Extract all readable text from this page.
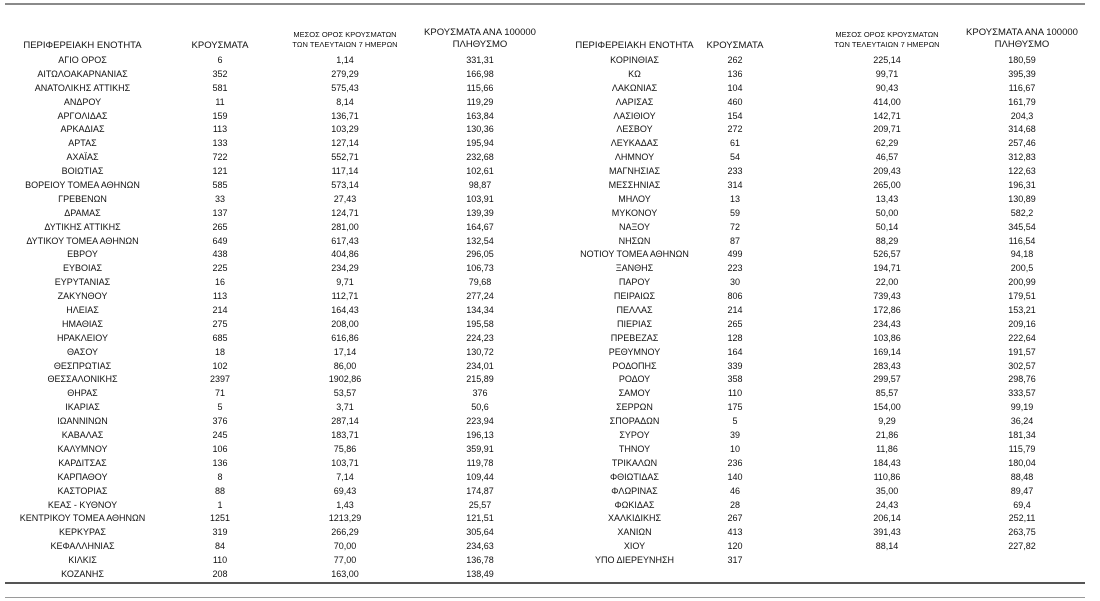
ΠΕΡΙΦΕΡΕΙΑΚΗ ΕΝΟΤΗΤΑ	ΚΡΟΥΣΜΑΤΑ
ΜΕΣΟΣ ΟΡΟΣ ΚΡΟΥΣΜΑΤΩΝ
ΤΩΝ ΤΕΛΕΥΤΑΙΩΝ 7 ΗΜΕΡΩΝ
ΚΡΟΥΣΜΑΤΑ ΑΝΑ 100000
ΠΛΗΘΥΣΜΟ
ΑΓΙΟ ΟΡΟΣ	6	1,14	331,31
ΑΙΤΩΛΟΑΚΑΡΝΑΝΙΑΣ	352	279,29	166,98
ΑΝΑΤΟΛΙΚΗΣ ΑΤΤΙΚΗΣ	581	575,43	115,66
ΑΝΔΡΟΥ	11	8,14	119,29
ΑΡΓΟΛΙΔΑΣ	159	136,71	163,84
ΑΡΚΑΔΙΑΣ	113	103,29	130,36
ΑΡΤΑΣ	133	127,14	195,94
ΑΧΑΪΑΣ	722	552,71	232,68
ΒΟΙΩΤΙΑΣ	121	117,14	102,61
ΒΟΡΕΙΟΥ ΤΟΜΕΑ ΑΘΗΝΩΝ	585	573,14	98,87
ΓΡΕΒΕΝΩΝ	33	27,43	103,91
ΔΡΑΜΑΣ	137	124,71	139,39
ΔΥΤΙΚΗΣ ΑΤΤΙΚΗΣ	265	281,00	164,67
ΔΥΤΙΚΟΥ ΤΟΜΕΑ ΑΘΗΝΩΝ	649	617,43	132,54
ΕΒΡΟΥ	438	404,86	296,05
ΕΥΒΟΙΑΣ	225	234,29	106,73
ΕΥΡΥΤΑΝΙΑΣ	16	9,71	79,68
ΖΑΚΥΝΘΟΥ	113	112,71	277,24
ΗΛΕΙΑΣ	214	164,43	134,34
ΗΜΑΘΙΑΣ	275	208,00	195,58
ΗΡΑΚΛΕΙΟΥ	685	616,86	224,23
ΘΑΣΟΥ	18	17,14	130,72
ΘΕΣΠΡΩΤΙΑΣ	102	86,00	234,01
ΘΕΣΣΑΛΟΝΙΚΗΣ	2397	1902,86	215,89
ΘΗΡΑΣ	71	53,57	376
ΙΚΑΡΙΑΣ	5	3,71	50,6
ΙΩΑΝΝΙΝΩΝ	376	287,14	223,94
ΚΑΒΑΛΑΣ	245	183,71	196,13
ΚΑΛΥΜΝΟΥ	106	75,86	359,91
ΚΑΡΔΙΤΣΑΣ	136	103,71	119,78
ΚΑΡΠΑΘΟΥ	8	7,14	109,44
ΚΑΣΤΟΡΙΑΣ	88	69,43	174,87
ΚΕΑΣ - ΚΥΘΝΟΥ	1	1,43	25,57
ΚΕΝΤΡΙΚΟΥ ΤΟΜΕΑ ΑΘΗΝΩΝ	1251	1213,29	121,51
ΚΕΡΚΥΡΑΣ	319	266,29	305,64
ΚΕΦΑΛΛΗΝΙΑΣ	84	70,00	234,63
ΚΙΛΚΙΣ	110	77,00	136,78
ΚΟΖΑΝΗΣ	208	163,00	138,49
ΠΕΡΙΦΕΡΕΙΑΚΗ ΕΝΟΤΗΤΑ	ΚΡΟΥΣΜΑΤΑ
ΜΕΣΟΣ ΟΡΟΣ ΚΡΟΥΣΜΑΤΩΝ
ΤΩΝ ΤΕΛΕΥΤΑΙΩΝ 7 ΗΜΕΡΩΝ
ΚΡΟΥΣΜΑΤΑ ΑΝΑ 100000
ΠΛΗΘΥΣΜΟ
ΚΟΡΙΝΘΙΑΣ	262	225,14	180,59
ΚΩ	136	99,71	395,39
ΛΑΚΩΝΙΑΣ	104	90,43	116,67
ΛΑΡΙΣΑΣ	460	414,00	161,79
ΛΑΣΙΘΙΟΥ	154	142,71	204,3
ΛΕΣΒΟΥ	272	209,71	314,68
ΛΕΥΚΑΔΑΣ	61	62,29	257,46
ΛΗΜΝΟΥ	54	46,57	312,83
ΜΑΓΝΗΣΙΑΣ	233	209,43	122,63
ΜΕΣΣΗΝΙΑΣ	314	265,00	196,31
ΜΗΛΟΥ	13	13,43	130,89
ΜΥΚΟΝΟΥ	59	50,00	582,2
ΝΑΞΟΥ	72	50,14	345,54
ΝΗΣΩΝ	87	88,29	116,54
ΝΟΤΙΟΥ ΤΟΜΕΑ ΑΘΗΝΩΝ	499	526,57	94,18
ΞΑΝΘΗΣ	223	194,71	200,5
ΠΑΡΟΥ	30	22,00	200,99
ΠΕΙΡΑΙΩΣ	806	739,43	179,51
ΠΕΛΛΑΣ	214	172,86	153,21
ΠΙΕΡΙΑΣ	265	234,43	209,16
ΠΡΕΒΕΖΑΣ	128	103,86	222,64
ΡΕΘΥΜΝΟΥ	164	169,14	191,57
ΡΟΔΟΠΗΣ	339	283,43	302,57
ΡΟΔΟΥ	358	299,57	298,76
ΣΑΜΟΥ	110	85,57	333,57
ΣΕΡΡΩΝ	175	154,00	99,19
ΣΠΟΡΑΔΩΝ	5	9,29	36,24
ΣΥΡΟΥ	39	21,86	181,34
ΤΗΝΟΥ	10	11,86	115,79
ΤΡΙΚΑΛΩΝ	236	184,43	180,04
ΦΘΙΩΤΙΔΑΣ	140	110,86	88,48
ΦΛΩΡΙΝΑΣ	46	35,00	89,47
ΦΩΚΙΔΑΣ	28	24,43	69,4
ΧΑΛΚΙΔΙΚΗΣ	267	206,14	252,11
ΧΑΝΙΩΝ	413	391,43	263,75
ΧΙΟΥ	120	88,14	227,82
ΥΠΟ ΔΙΕΡΕΥΝΗΣΗ	317
